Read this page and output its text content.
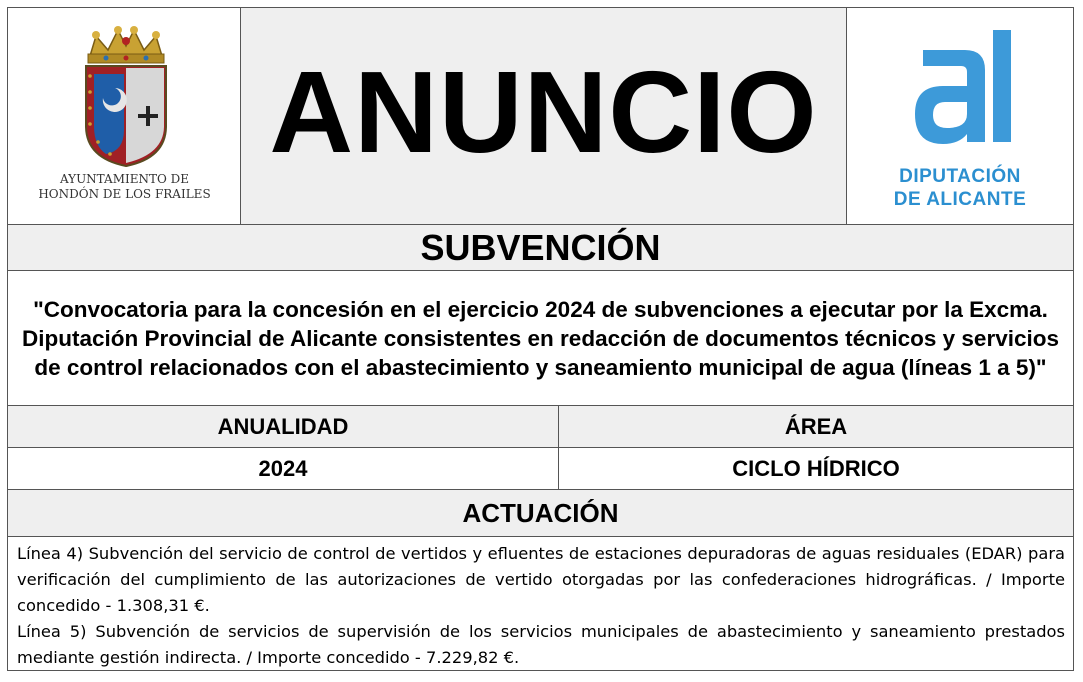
AYUNTAMIENTO DE
HONDÓN DE LOS FRAILES
ANUNCIO	DIPUTACIÓN
DE ALICANTE
SUBVENCIÓN
"Convocatoria para la concesión en el ejercicio 2024 de subvenciones a ejecutar por la Excma. Diputación Provincial de Alicante consistentes en redacción de documentos técnicos y servicios de control relacionados con el abastecimiento y saneamiento municipal de agua (líneas 1 a 5)"
ANUALIDAD	ÁREA
2024	CICLO HÍDRICO
ACTUACIÓN

Línea 4) Subvención del servicio de control de vertidos y efluentes de estaciones depuradoras de aguas residuales (EDAR) para verificación del cumplimiento de las autorizaciones de vertido otorgadas por las confederaciones hidrográficas. / Importe concedido - 1.308,31 €.

Línea 5) Subvención de servicios de supervisión de los servicios municipales de abastecimiento y saneamiento prestados mediante gestión indirecta. / Importe concedido - 7.229,82 €.
